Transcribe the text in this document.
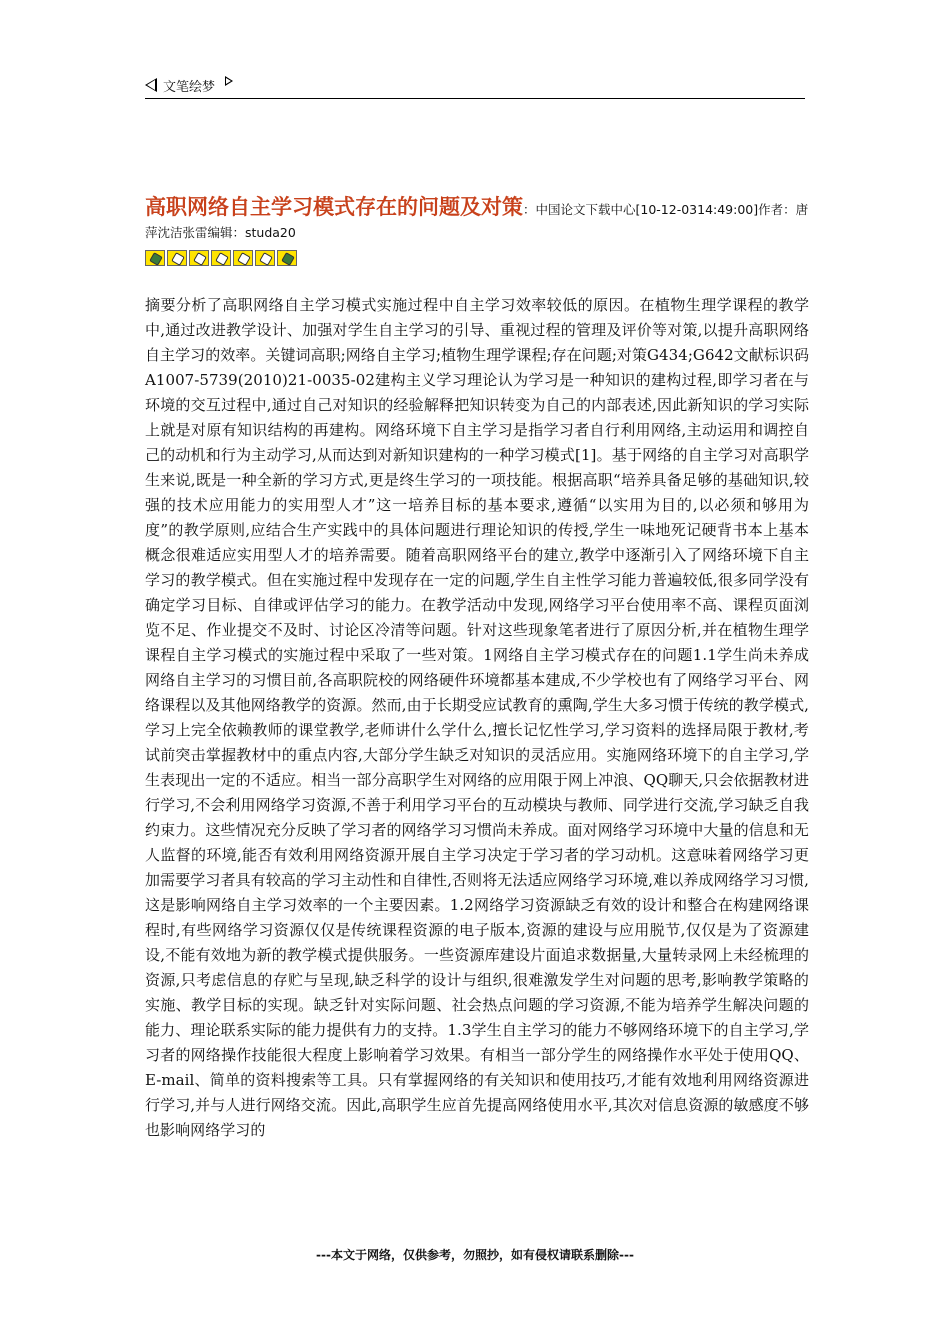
文笔绘梦
高职网络自主学习模式存在的问题及对策：中国论文下载中心[10-12-0314:49:00]作者：唐萍沈洁张雷编辑：studa20
摘要分析了高职网络自主学习模式实施过程中自主学习效率较低的原因。在植物生理学课程的教学中,通过改进教学设计、加强对学生自主学习的引导、重视过程的管理及评价等对策,以提升高职网络自主学习的效率。关键词高职;网络自主学习;植物生理学课程;存在问题;对策G434;G642文献标识码A1007-5739(2010)21-0035-02建构主义学习理论认为学习是一种知识的建构过程,即学习者在与环境的交互过程中,通过自己对知识的经验解释把知识转变为自己的内部表述,因此新知识的学习实际上就是对原有知识结构的再建构。网络环境下自主学习是指学习者自行利用网络,主动运用和调控自己的动机和行为主动学习,从而达到对新知识建构的一种学习模式[1]。基于网络的自主学习对高职学生来说,既是一种全新的学习方式,更是终生学习的一项技能。根据高职“培养具备足够的基础知识,较强的技术应用能力的实用型人才”这一培养目标的基本要求,遵循“以实用为目的,以必须和够用为度”的教学原则,应结合生产实践中的具体问题进行理论知识的传授,学生一味地死记硬背书本上基本概念很难适应实用型人才的培养需要。随着高职网络平台的建立,教学中逐渐引入了网络环境下自主学习的教学模式。但在实施过程中发现存在一定的问题,学生自主性学习能力普遍较低,很多同学没有确定学习目标、自律或评估学习的能力。在教学活动中发现,网络学习平台使用率不高、课程页面浏览不足、作业提交不及时、讨论区冷清等问题。针对这些现象笔者进行了原因分析,并在植物生理学课程自主学习模式的实施过程中采取了一些对策。1网络自主学习模式存在的问题1.1学生尚未养成网络自主学习的习惯目前,各高职院校的网络硬件环境都基本建成,不少学校也有了网络学习平台、网络课程以及其他网络教学的资源。然而,由于长期受应试教育的熏陶,学生大多习惯于传统的教学模式,学习上完全依赖教师的课堂教学,老师讲什么学什么,擅长记忆性学习,学习资料的选择局限于教材,考试前突击掌握教材中的重点内容,大部分学生缺乏对知识的灵活应用。实施网络环境下的自主学习,学生表现出一定的不适应。相当一部分高职学生对网络的应用限于网上冲浪、QQ聊天,只会依据教材进行学习,不会利用网络学习资源,不善于利用学习平台的互动模块与教师、同学进行交流,学习缺乏自我约束力。这些情况充分反映了学习者的网络学习习惯尚未养成。面对网络学习环境中大量的信息和无人监督的环境,能否有效利用网络资源开展自主学习决定于学习者的学习动机。这意味着网络学习更加需要学习者具有较高的学习主动性和自律性,否则将无法适应网络学习环境,难以养成网络学习习惯,这是影响网络自主学习效率的一个主要因素。1.2网络学习资源缺乏有效的设计和整合在构建网络课程时,有些网络学习资源仅仅是传统课程资源的电子版本,资源的建设与应用脱节,仅仅是为了资源建设,不能有效地为新的教学模式提供服务。一些资源库建设片面追求数据量,大量转录网上未经梳理的资源,只考虑信息的存贮与呈现,缺乏科学的设计与组织,很难激发学生对问题的思考,影响教学策略的实施、教学目标的实现。缺乏针对实际问题、社会热点问题的学习资源,不能为培养学生解决问题的能力、理论联系实际的能力提供有力的支持。1.3学生自主学习的能力不够网络环境下的自主学习,学习者的网络操作技能很大程度上影响着学习效果。有相当一部分学生的网络操作水平处于使用QQ、E-mail、简单的资料搜索等工具。只有掌握网络的有关知识和使用技巧,才能有效地利用网络资源进行学习,并与人进行网络交流。因此,高职学生应首先提高网络使用水平,其次对信息资源的敏感度不够也影响网络学习的
---本文于网络，仅供参考，勿照抄，如有侵权请联系删除---
